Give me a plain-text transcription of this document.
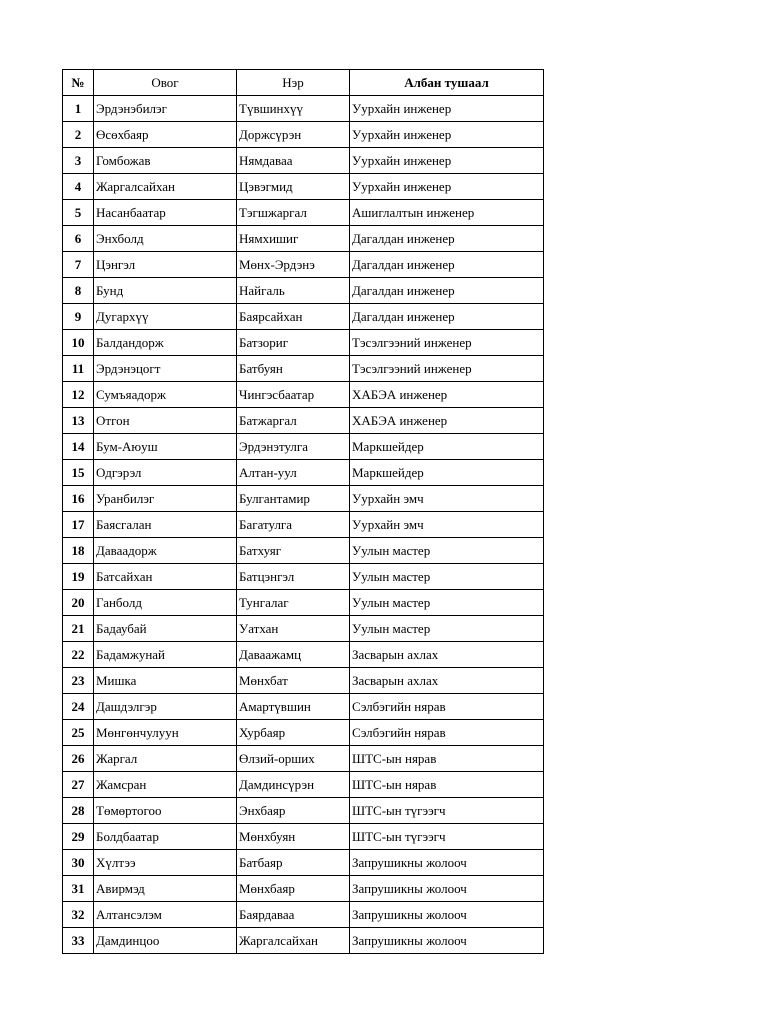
№	Овог	Нэр	Албан тушаал
1	Эрдэнэбилэг	Түвшинхүү	Уурхайн инженер
2	Өсөхбаяр	Доржсүрэн	Уурхайн инженер
3	Гомбожав	Нямдаваа	Уурхайн инженер
4	Жаргалсайхан	Цэвэгмид	Уурхайн инженер
5	Насанбаатар	Тэгшжаргал	Ашиглалтын инженер
6	Энхболд	Нямхишиг	Дагалдан инженер
7	Цэнгэл	Мөнх-Эрдэнэ	Дагалдан инженер
8	Бунд	Найгаль	Дагалдан инженер
9	Дугархүү	Баярсайхан	Дагалдан инженер
10	Балдандорж	Батзориг	Тэсэлгээний инженер
11	Эрдэнэцогт	Батбуян	Тэсэлгээний инженер
12	Сумъяадорж	Чингэсбаатар	ХАБЭА инженер
13	Отгон	Батжаргал	ХАБЭА инженер
14	Бум-Аюуш	Эрдэнэтулга	Маркшейдер
15	Одгэрэл	Алтан-уул	Маркшейдер
16	Уранбилэг	Булгантамир	Уурхайн эмч
17	Баясгалан	Багатулга	Уурхайн эмч
18	Даваадорж	Батхуяг	Уулын мастер
19	Батсайхан	Батцэнгэл	Уулын мастер
20	Ганболд	Тунгалаг	Уулын мастер
21	Бадаубай	Уатхан	Уулын мастер
22	Бадамжунай	Даваажамц	Засварын ахлах
23	Мишка	Мөнхбат	Засварын ахлах
24	Дашдэлгэр	Амартүвшин	Сэлбэгийн нярав
25	Мөнгөнчулуун	Хурбаяр	Сэлбэгийн нярав
26	Жаргал	Өлзий-орших	ШТС-ын нярав
27	Жамсран	Дамдинсүрэн	ШТС-ын нярав
28	Төмөртогоо	Энхбаяр	ШТС-ын түгээгч
29	Болдбаатар	Мөнхбуян	ШТС-ын түгээгч
30	Хүлтээ	Батбаяр	Запрушикны жолооч
31	Авирмэд	Мөнхбаяр	Запрушикны жолооч
32	Алтансэлэм	Баярдаваа	Запрушикны жолооч
33	Дамдинцоо	Жаргалсайхан	Запрушикны жолооч
